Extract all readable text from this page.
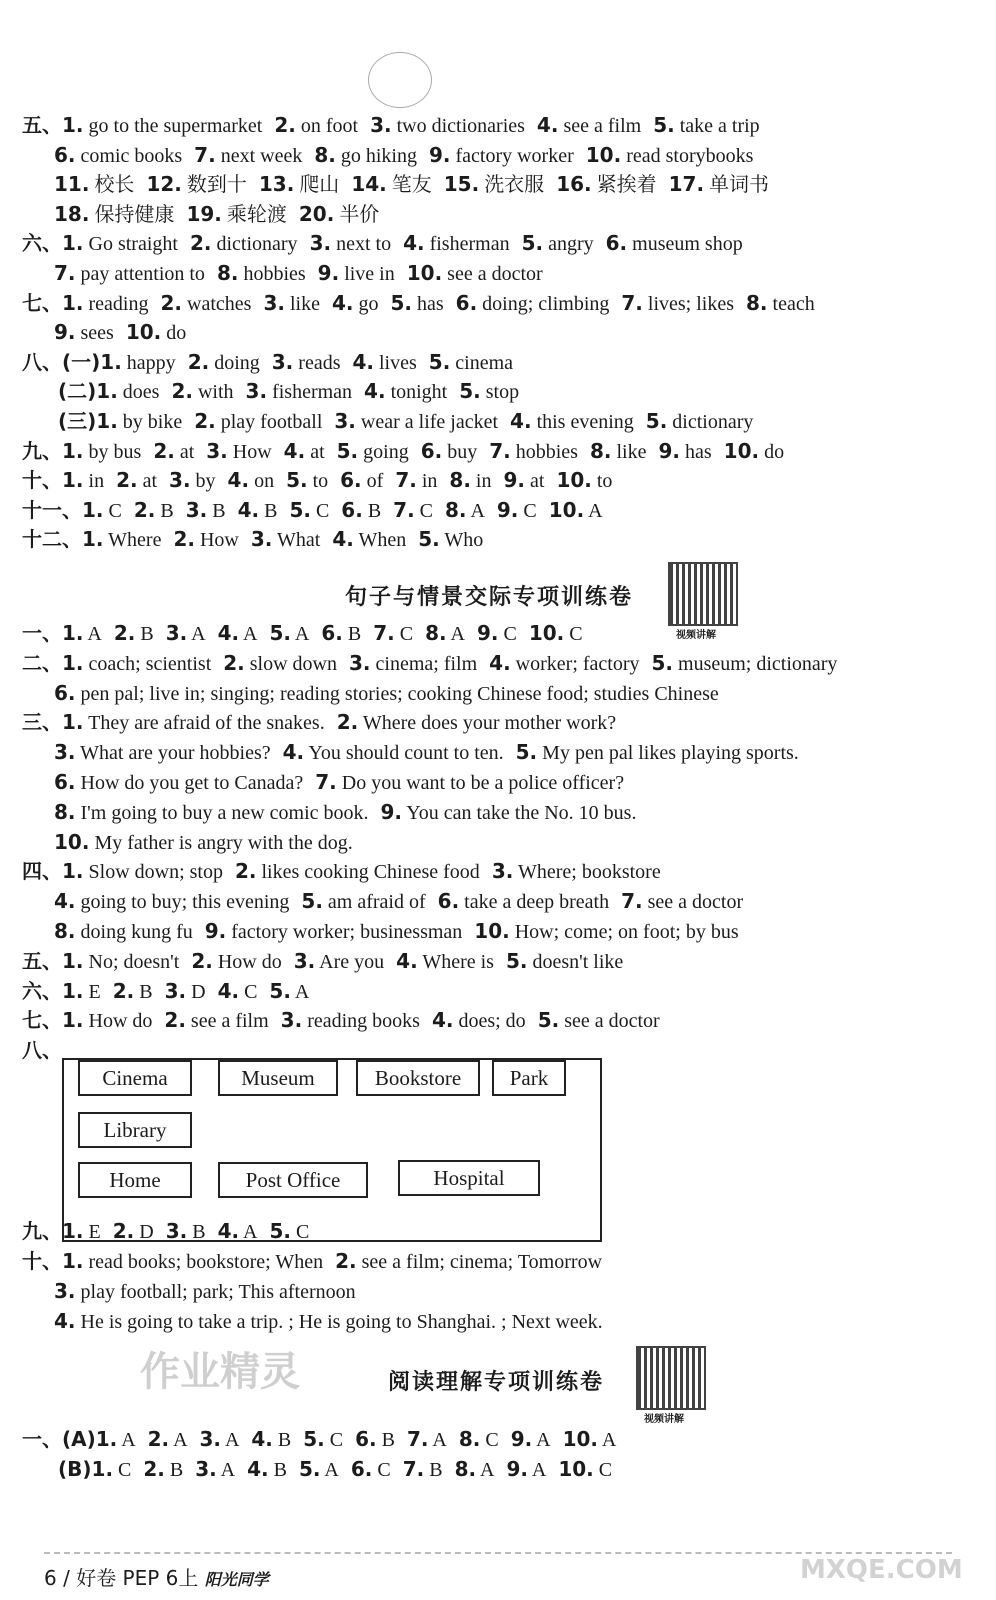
五、1. go to the supermarket 2. on foot 3. two dictionaries 4. see a film 5. take a trip
6. comic books 7. next week 8. go hiking 9. factory worker 10. read storybooks
11. 校长 12. 数到十 13. 爬山 14. 笔友 15. 洗衣服 16. 紧挨着 17. 单词书
18. 保持健康 19. 乘轮渡 20. 半价
六、1. Go straight 2. dictionary 3. next to 4. fisherman 5. angry 6. museum shop
7. pay attention to 8. hobbies 9. live in 10. see a doctor
七、1. reading 2. watches 3. like 4. go 5. has 6. doing; climbing 7. lives; likes 8. teach
9. sees 10. do
八、(一)1. happy 2. doing 3. reads 4. lives 5. cinema
(二)1. does 2. with 3. fisherman 4. tonight 5. stop
(三)1. by bike 2. play football 3. wear a life jacket 4. this evening 5. dictionary
九、1. by bus 2. at 3. How 4. at 5. going 6. buy 7. hobbies 8. like 9. has 10. do
十、1. in 2. at 3. by 4. on 5. to 6. of 7. in 8. in 9. at 10. to
十一、1. C 2. B 3. B 4. B 5. C 6. B 7. C 8. A 9. C 10. A
十二、1. Where 2. How 3. What 4. When 5. Who
句子与情景交际专项训练卷
视频讲解
一、1. A 2. B 3. A 4. A 5. A 6. B 7. C 8. A 9. C 10. C
二、1. coach; scientist 2. slow down 3. cinema; film 4. worker; factory 5. museum; dictionary
6. pen pal; live in; singing; reading stories; cooking Chinese food; studies Chinese
三、1. They are afraid of the snakes. 2. Where does your mother work?
3. What are your hobbies? 4. You should count to ten. 5. My pen pal likes playing sports.
6. How do you get to Canada? 7. Do you want to be a police officer?
8. I'm going to buy a new comic book. 9. You can take the No. 10 bus.
10. My father is angry with the dog.
四、1. Slow down; stop 2. likes cooking Chinese food 3. Where; bookstore
4. going to buy; this evening 5. am afraid of 6. take a deep breath 7. see a doctor
8. doing kung fu 9. factory worker; businessman 10. How; come; on foot; by bus
五、1. No; doesn't 2. How do 3. Are you 4. Where is 5. doesn't like
六、1. E 2. B 3. D 4. C 5. A
七、1. How do 2. see a film 3. reading books 4. does; do 5. see a doctor
八、
Cinema	Museum	Bookstore	Park
Library
Home	Post Office	Hospital
九、1. E 2. D 3. B 4. A 5. C
十、1. read books; bookstore; When 2. see a film; cinema; Tomorrow
3. play football; park; This afternoon
4. He is going to take a trip. ; He is going to Shanghai. ; Next week.
作业精灵	阅读理解专项训练卷
视频讲解
一、(A)1. A 2. A 3. A 4. B 5. C 6. B 7. A 8. C 9. A 10. A
(B)1. C 2. B 3. A 4. B 5. A 6. C 7. B 8. A 9. A 10. C
6 / 好卷 PEP 6上 阳光同学	MXQE.COM
